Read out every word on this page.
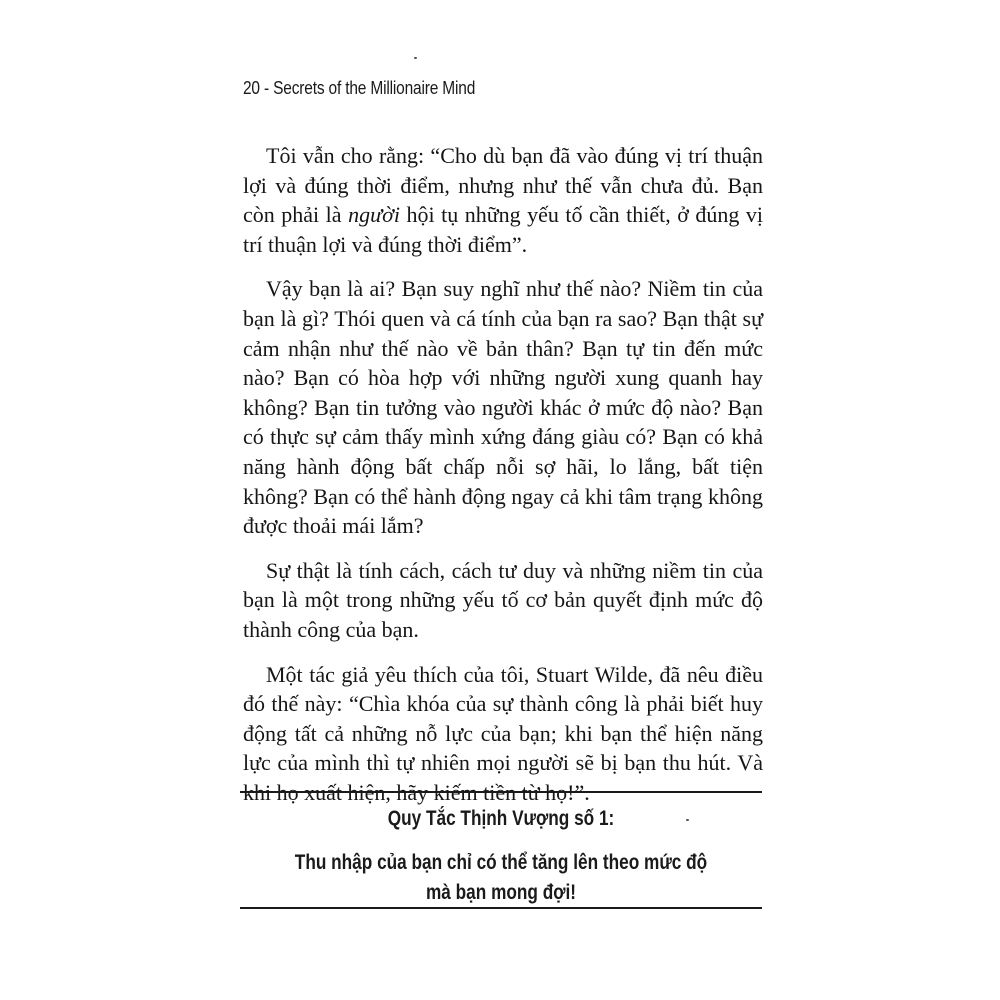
20 - Secrets of the Millionaire Mind

Tôi vẫn cho rằng: “Cho dù bạn đã vào đúng vị trí thuận lợi và đúng thời điểm, nhưng như thế vẫn chưa đủ. Bạn còn phải là người hội tụ những yếu tố cần thiết, ở đúng vị trí thuận lợi và đúng thời điểm”.

Vậy bạn là ai? Bạn suy nghĩ như thế nào? Niềm tin của bạn là gì? Thói quen và cá tính của bạn ra sao? Bạn thật sự cảm nhận như thế nào về bản thân? Bạn tự tin đến mức nào? Bạn có hòa hợp với những người xung quanh hay không? Bạn tin tưởng vào người khác ở mức độ nào? Bạn có thực sự cảm thấy mình xứng đáng giàu có? Bạn có khả năng hành động bất chấp nỗi sợ hãi, lo lắng, bất tiện không? Bạn có thể hành động ngay cả khi tâm trạng không được thoải mái lắm?

Sự thật là tính cách, cách tư duy và những niềm tin của bạn là một trong những yếu tố cơ bản quyết định mức độ thành công của bạn.

Một tác giả yêu thích của tôi, Stuart Wilde, đã nêu điều đó thế này: “Chìa khóa của sự thành công là phải biết huy động tất cả những nỗ lực của bạn; khi bạn thể hiện năng lực của mình thì tự nhiên mọi người sẽ bị bạn thu hút. Và khi họ xuất hiện, hãy kiếm tiền từ họ!”.

Quy Tắc Thịnh Vượng số 1:
Thu nhập của bạn chỉ có thể tăng lên theo mức độ
mà bạn mong đợi!
